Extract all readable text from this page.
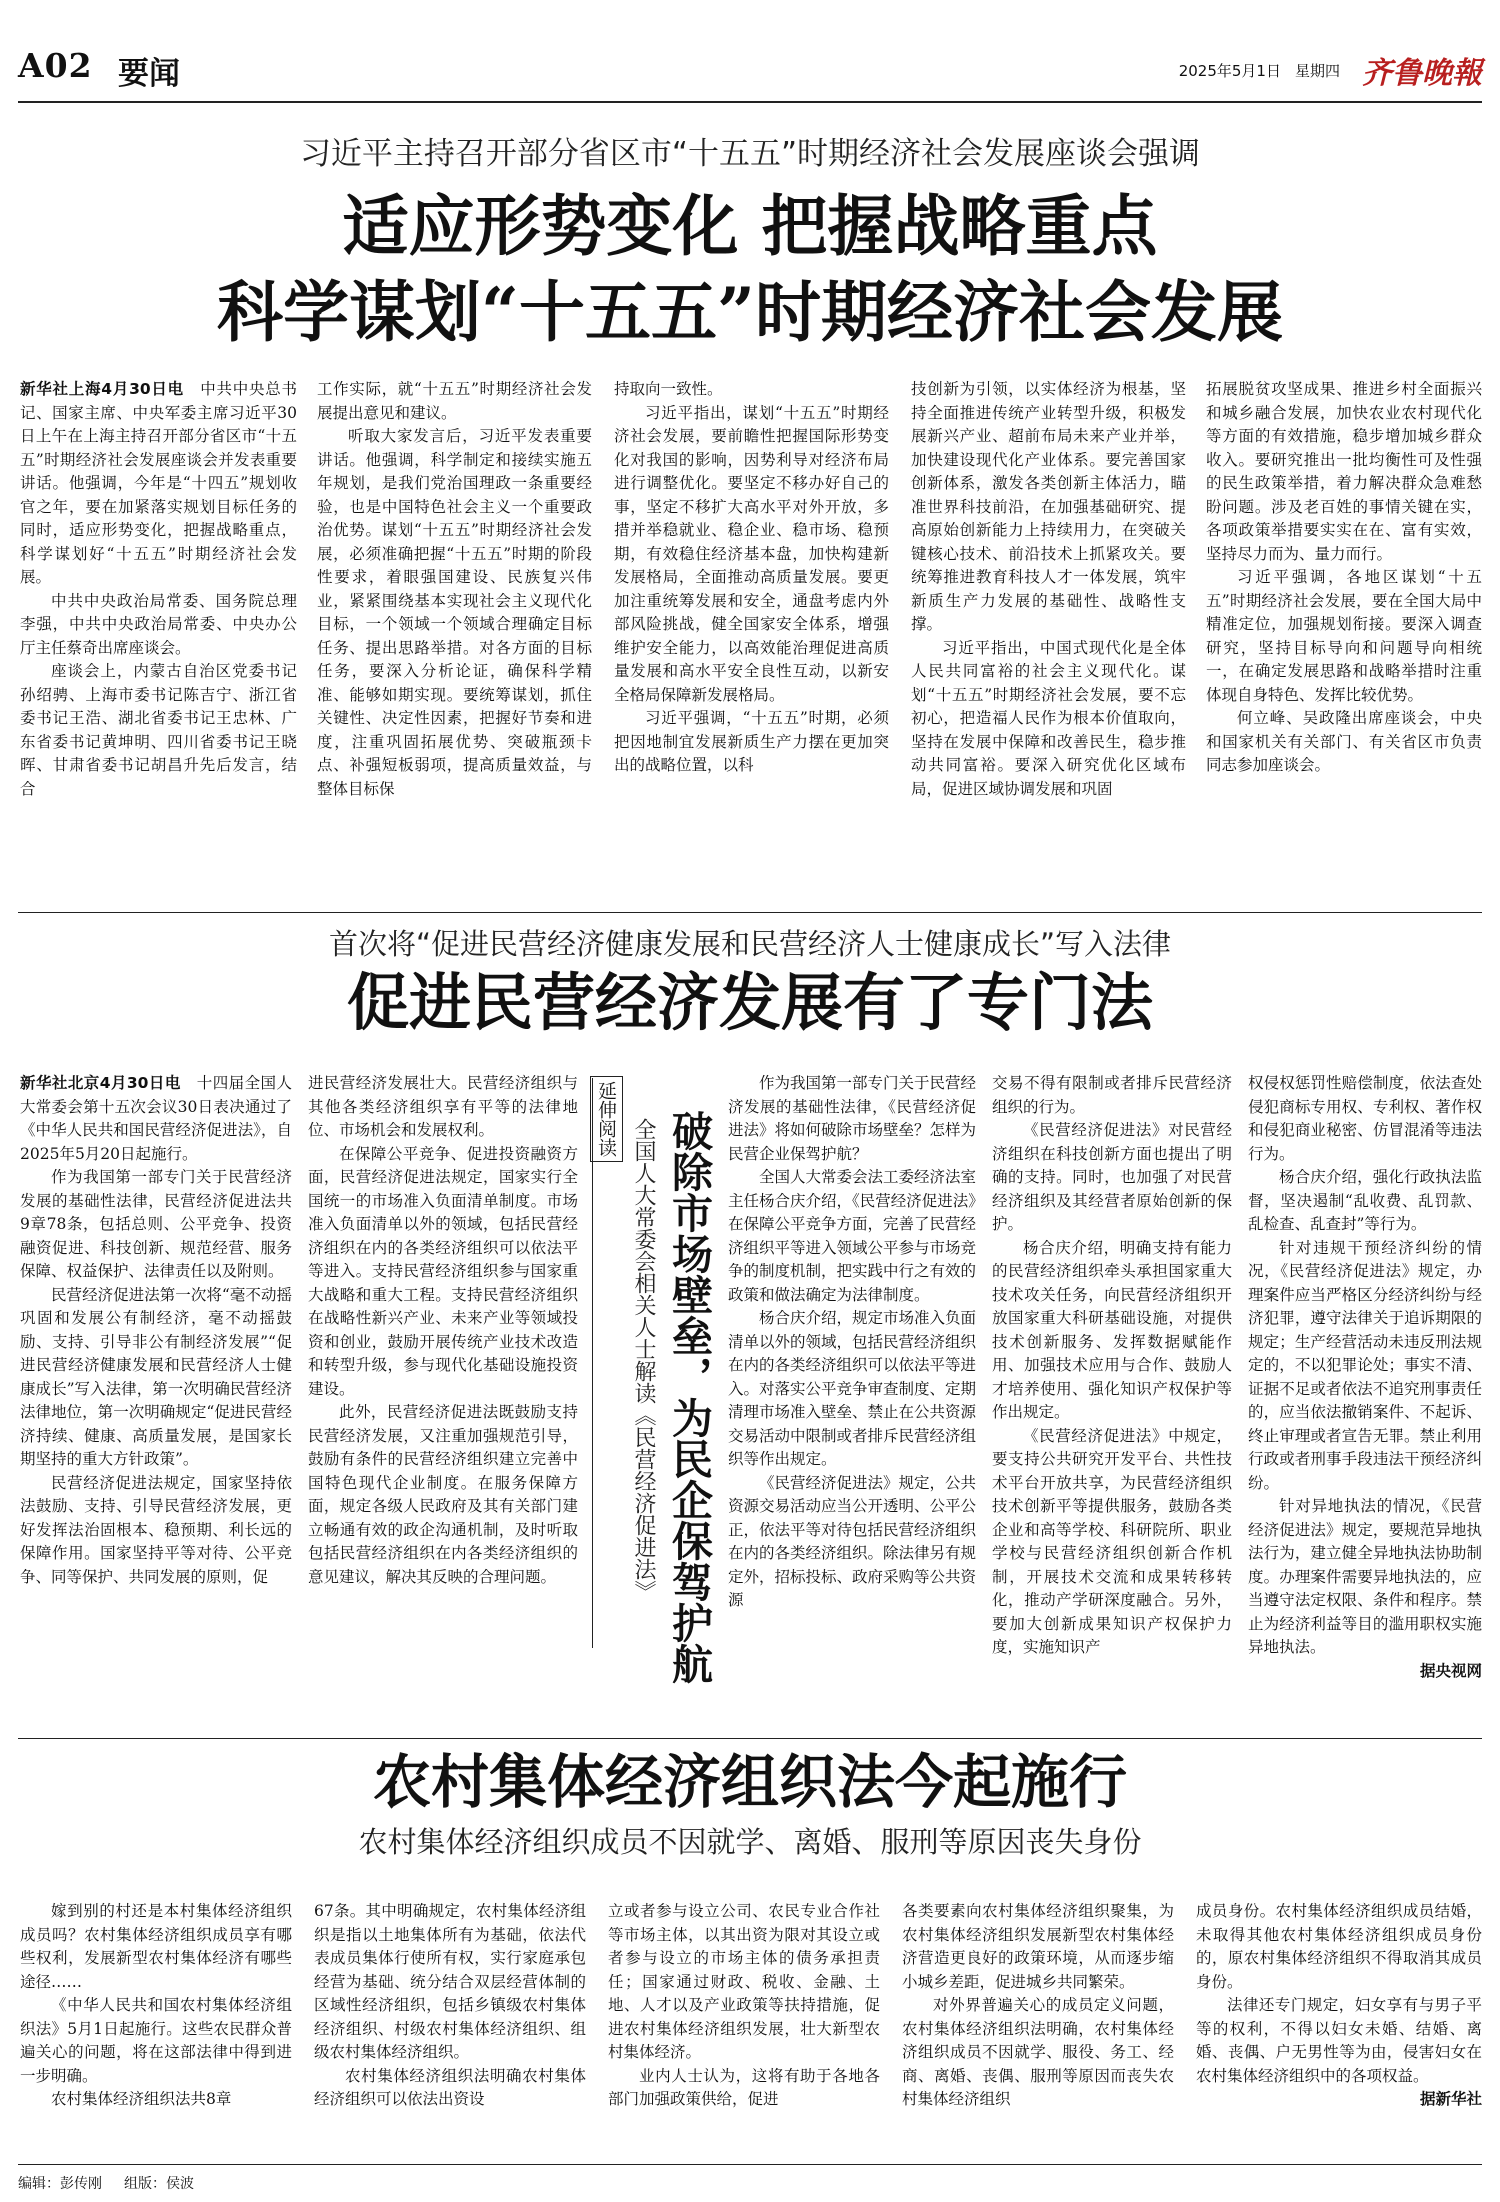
A02 要闻	2025年5月1日 星期四 齐鲁晚報
习近平主持召开部分省区市“十五五”时期经济社会发展座谈会强调
适应形势变化 把握战略重点
科学谋划“十五五”时期经济社会发展

新华社上海4月30日电　 中共中央总书记、国家主席、中央军委主席习近平30日上午在上海主持召开部分省区市“十五五”时期经济社会发展座谈会并发表重要讲话。他强调，今年是“十四五”规划收官之年，要在加紧落实规划目标任务的同时，适应形势变化，把握战略重点，科学谋划好“十五五”时期经济社会发展。

中共中央政治局常委、国务院总理李强，中共中央政治局常委、中央办公厅主任蔡奇出席座谈会。

座谈会上，内蒙古自治区党委书记孙绍骋、上海市委书记陈吉宁、浙江省委书记王浩、湖北省委书记王忠林、广东省委书记黄坤明、四川省委书记王晓晖、甘肃省委书记胡昌升先后发言，结合

工作实际，就“十五五”时期经济社会发展提出意见和建议。

听取大家发言后，习近平发表重要讲话。他强调，科学制定和接续实施五年规划，是我们党治国理政一条重要经验，也是中国特色社会主义一个重要政治优势。谋划“十五五”时期经济社会发展，必须准确把握“十五五”时期的阶段性要求，着眼强国建设、民族复兴伟业，紧紧围绕基本实现社会主义现代化目标，一个领域一个领域合理确定目标任务、提出思路举措。对各方面的目标任务，要深入分析论证，确保科学精准、能够如期实现。要统筹谋划，抓住关键性、决定性因素，把握好节奏和进度，注重巩固拓展优势、突破瓶颈卡点、补强短板弱项，提高质量效益，与整体目标保

持取向一致性。

习近平指出，谋划“十五五”时期经济社会发展，要前瞻性把握国际形势变化对我国的影响，因势利导对经济布局进行调整优化。要坚定不移办好自己的事，坚定不移扩大高水平对外开放，多措并举稳就业、稳企业、稳市场、稳预期，有效稳住经济基本盘，加快构建新发展格局，全面推动高质量发展。要更加注重统筹发展和安全，通盘考虑内外部风险挑战，健全国家安全体系，增强维护安全能力，以高效能治理促进高质量发展和高水平安全良性互动，以新安全格局保障新发展格局。

习近平强调，“十五五”时期，必须把因地制宜发展新质生产力摆在更加突出的战略位置，以科

技创新为引领，以实体经济为根基，坚持全面推进传统产业转型升级，积极发展新兴产业、超前布局未来产业并举，加快建设现代化产业体系。要完善国家创新体系，激发各类创新主体活力，瞄准世界科技前沿，在加强基础研究、提高原始创新能力上持续用力，在突破关键核心技术、前沿技术上抓紧攻关。要统筹推进教育科技人才一体发展，筑牢新质生产力发展的基础性、战略性支撑。

习近平指出，中国式现代化是全体人民共同富裕的社会主义现代化。谋划“十五五”时期经济社会发展，要不忘初心，把造福人民作为根本价值取向，坚持在发展中保障和改善民生，稳步推动共同富裕。要深入研究优化区域布局，促进区域协调发展和巩固

拓展脱贫攻坚成果、推进乡村全面振兴和城乡融合发展，加快农业农村现代化等方面的有效措施，稳步增加城乡群众收入。要研究推出一批均衡性可及性强的民生政策举措，着力解决群众急难愁盼问题。涉及老百姓的事情关键在实，各项政策举措要实实在在、富有实效，坚持尽力而为、量力而行。

习近平强调，各地区谋划“十五五”时期经济社会发展，要在全国大局中精准定位，加强规划衔接。要深入调查研究，坚持目标导向和问题导向相统一，在确定发展思路和战略举措时注重体现自身特色、发挥比较优势。

何立峰、吴政隆出席座谈会，中央和国家机关有关部门、有关省区市负责同志参加座谈会。

首次将“促进民营经济健康发展和民营经济人士健康成长”写入法律
促进民营经济发展有了专门法

新华社北京4月30日电　 十四届全国人大常委会第十五次会议30日表决通过了《中华人民共和国民营经济促进法》，自2025年5月20日起施行。

作为我国第一部专门关于民营经济发展的基础性法律，民营经济促进法共9章78条，包括总则、公平竞争、投资融资促进、科技创新、规范经营、服务保障、权益保护、法律责任以及附则。

民营经济促进法第一次将“毫不动摇巩固和发展公有制经济，毫不动摇鼓励、支持、引导非公有制经济发展”“促进民营经济健康发展和民营经济人士健康成长”写入法律，第一次明确民营经济法律地位，第一次明确规定“促进民营经济持续、健康、高质量发展，是国家长期坚持的重大方针政策”。

民营经济促进法规定，国家坚持依法鼓励、支持、引导民营经济发展，更好发挥法治固根本、稳预期、利长远的保障作用。国家坚持平等对待、公平竞争、同等保护、共同发展的原则，促

进民营经济发展壮大。民营经济组织与其他各类经济组织享有平等的法律地位、市场机会和发展权利。

在保障公平竞争、促进投资融资方面，民营经济促进法规定，国家实行全国统一的市场准入负面清单制度。市场准入负面清单以外的领域，包括民营经济组织在内的各类经济组织可以依法平等进入。支持民营经济组织参与国家重大战略和重大工程。支持民营经济组织在战略性新兴产业、未来产业等领域投资和创业，鼓励开展传统产业技术改造和转型升级，参与现代化基础设施投资建设。

此外，民营经济促进法既鼓励支持民营经济发展，又注重加强规范引导，鼓励有条件的民营经济组织建立完善中国特色现代企业制度。在服务保障方面，规定各级人民政府及其有关部门建立畅通有效的政企沟通机制，及时听取包括民营经济组织在内各类经济组织的意见建议，解决其反映的合理问题。

延伸阅读 全国人大常委会相关人士解读《民营经济促进法》 破除市场壁垒，为民企保驾护航

作为我国第一部专门关于民营经济发展的基础性法律，《民营经济促进法》将如何破除市场壁垒？怎样为民营企业保驾护航？

全国人大常委会法工委经济法室主任杨合庆介绍，《民营经济促进法》在保障公平竞争方面，完善了民营经济组织平等进入领域公平参与市场竞争的制度机制，把实践中行之有效的政策和做法确定为法律制度。

杨合庆介绍，规定市场准入负面清单以外的领域，包括民营经济组织在内的各类经济组织可以依法平等进入。对落实公平竞争审查制度、定期清理市场准入壁垒、禁止在公共资源交易活动中限制或者排斥民营经济组织等作出规定。

《民营经济促进法》规定，公共资源交易活动应当公开透明、公平公正，依法平等对待包括民营经济组织在内的各类经济组织。除法律另有规定外，招标投标、政府采购等公共资源

交易不得有限制或者排斥民营经济组织的行为。

《民营经济促进法》对民营经济组织在科技创新方面也提出了明确的支持。同时，也加强了对民营经济组织及其经营者原始创新的保护。

杨合庆介绍，明确支持有能力的民营经济组织牵头承担国家重大技术攻关任务，向民营经济组织开放国家重大科研基础设施，对提供技术创新服务、发挥数据赋能作用、加强技术应用与合作、鼓励人才培养使用、强化知识产权保护等作出规定。

《民营经济促进法》中规定，要支持公共研究开发平台、共性技术平台开放共享，为民营经济组织技术创新平等提供服务，鼓励各类企业和高等学校、科研院所、职业学校与民营经济组织创新合作机制，开展技术交流和成果转移转化，推动产学研深度融合。另外，要加大创新成果知识产权保护力度，实施知识产

权侵权惩罚性赔偿制度，依法查处侵犯商标专用权、专利权、著作权和侵犯商业秘密、仿冒混淆等违法行为。

杨合庆介绍，强化行政执法监督，坚决遏制“乱收费、乱罚款、乱检查、乱查封”等行为。

针对违规干预经济纠纷的情况，《民营经济促进法》规定，办理案件应当严格区分经济纠纷与经济犯罪，遵守法律关于追诉期限的规定；生产经营活动未违反刑法规定的，不以犯罪论处；事实不清、证据不足或者依法不追究刑事责任的，应当依法撤销案件、不起诉、终止审理或者宣告无罪。禁止利用行政或者刑事手段违法干预经济纠纷。

针对异地执法的情况，《民营经济促进法》规定，要规范异地执法行为，建立健全异地执法协助制度。办理案件需要异地执法的，应当遵守法定权限、条件和程序。禁止为经济利益等目的滥用职权实施异地执法。

据央视网

农村集体经济组织法今起施行
农村集体经济组织成员不因就学、离婚、服刑等原因丧失身份

嫁到别的村还是本村集体经济组织成员吗？农村集体经济组织成员享有哪些权利，发展新型农村集体经济有哪些途径……

《中华人民共和国农村集体经济组织法》5月1日起施行。这些农民群众普遍关心的问题，将在这部法律中得到进一步明确。

农村集体经济组织法共8章

67条。其中明确规定，农村集体经济组织是指以土地集体所有为基础，依法代表成员集体行使所有权，实行家庭承包经营为基础、统分结合双层经营体制的区域性经济组织，包括乡镇级农村集体经济组织、村级农村集体经济组织、组级农村集体经济组织。

农村集体经济组织法明确农村集体经济组织可以依法出资设

立或者参与设立公司、农民专业合作社等市场主体，以其出资为限对其设立或者参与设立的市场主体的债务承担责任；国家通过财政、税收、金融、土地、人才以及产业政策等扶持措施，促进农村集体经济组织发展，壮大新型农村集体经济。

业内人士认为，这将有助于各地各部门加强政策供给，促进

各类要素向农村集体经济组织聚集，为农村集体经济组织发展新型农村集体经济营造更良好的政策环境，从而逐步缩小城乡差距，促进城乡共同繁荣。

对外界普遍关心的成员定义问题，农村集体经济组织法明确，农村集体经济组织成员不因就学、服役、务工、经商、离婚、丧偶、服刑等原因而丧失农村集体经济组织

成员身份。农村集体经济组织成员结婚，未取得其他农村集体经济组织成员身份的，原农村集体经济组织不得取消其成员身份。

法律还专门规定，妇女享有与男子平等的权利，不得以妇女未婚、结婚、离婚、丧偶、户无男性等为由，侵害妇女在农村集体经济组织中的各项权益。

据新华社

编辑：彭传刚 组版：侯波
